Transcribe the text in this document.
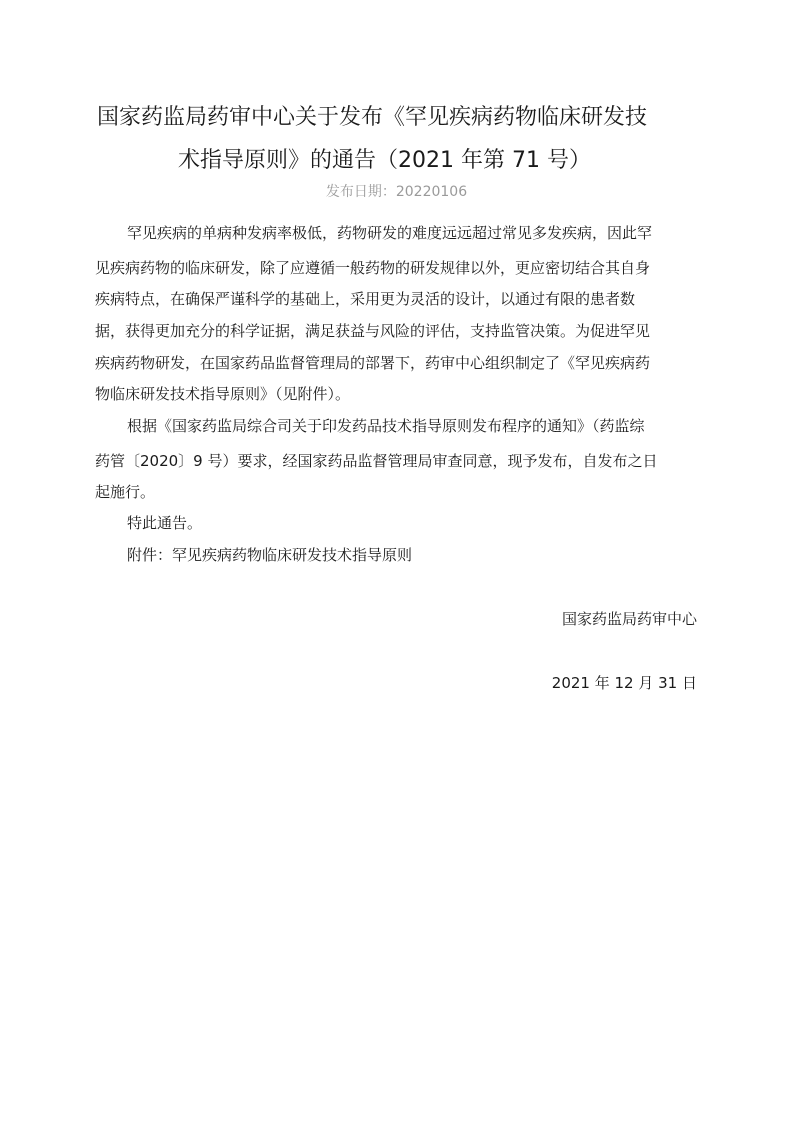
国家药监局药审中心关于发布《罕见疾病药物临床研发技
术指导原则》的通告（2021 年第 71 号）
发布日期：20220106
罕见疾病的单病种发病率极低，药物研发的难度远远超过常见多发疾病，因此罕
见疾病药物的临床研发，除了应遵循一般药物的研发规律以外，更应密切结合其自身
疾病特点，在确保严谨科学的基础上，采用更为灵活的设计，以通过有限的患者数
据，获得更加充分的科学证据，满足获益与风险的评估，支持监管决策。为促进罕见
疾病药物研发，在国家药品监督管理局的部署下，药审中心组织制定了《罕见疾病药
物临床研发技术指导原则》（见附件）。
根据《国家药监局综合司关于印发药品技术指导原则发布程序的通知》（药监综
药管〔2020〕9 号）要求，经国家药品监督管理局审查同意，现予发布，自发布之日
起施行。
特此通告。
附件：罕见疾病药物临床研发技术指导原则
国家药监局药审中心
2021 年 12 月 31 日
